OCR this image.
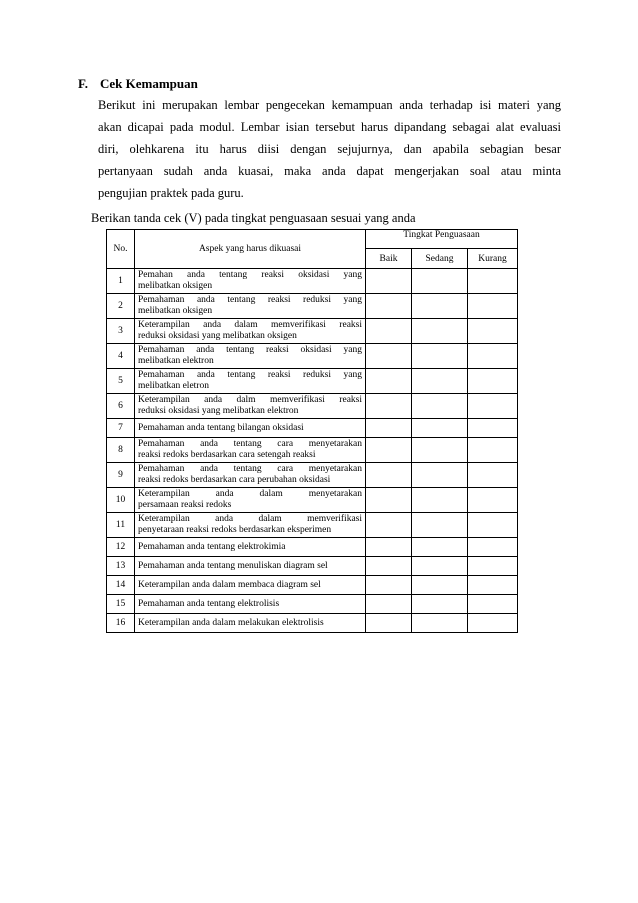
F. Cek Kemampuan

Berikut ini merupakan lembar pengecekan kemampuan anda terhadap isi materi yang

akan dicapai pada modul. Lembar isian tersebut harus dipandang sebagai alat evaluasi

diri, olehkarena itu harus diisi dengan sejujurnya, dan apabila sebagian besar

pertanyaan sudah anda kuasai, maka anda dapat mengerjakan soal atau minta

pengujian praktek pada guru.

Berikan tanda cek (V) pada tingkat penguasaan sesuai yang anda
No.	Aspek yang harus dikuasai	Tingkat Penguasaan		
		Baik	Sedang	Kurang
1	Pemahan anda tentang reaksi oksidasi yang
melibatkan oksigen			

2	Pemahaman anda tentang reaksi reduksi yang
melibatkan oksigen			

3	Keterampilan anda dalam memverifikasi reaksi
reduksi oksidasi yang melibatkan oksigen			

4	Pemahaman anda tentang reaksi oksidasi yang
melibatkan elektron			

5	Pemahaman anda tentang reaksi reduksi yang
melibatkan eletron			

6	Keterampilan anda dalm memverifikasi reaksi
reduksi oksidasi yang melibatkan elektron			

7	Pemahaman anda tentang bilangan oksidasi			

8	Pemahaman anda tentang cara menyetarakan
reaksi redoks berdasarkan cara setengah reaksi			

9	Pemahaman anda tentang cara menyetarakan
reaksi redoks berdasarkan cara perubahan oksidasi			

10	Keterampilan anda dalam menyetarakan
persamaan reaksi redoks			

11	Keterampilan anda dalam memverifikasi
penyetaraan reaksi redoks berdasarkan eksperimen			

12	Pemahaman anda tentang elektrokimia			

13	Pemahaman anda tentang menuliskan diagram sel			

14	Keterampilan anda dalam membaca diagram sel			

15	Pemahaman anda tentang elektrolisis			

16	Keterampilan anda dalam melakukan elektrolisis			
